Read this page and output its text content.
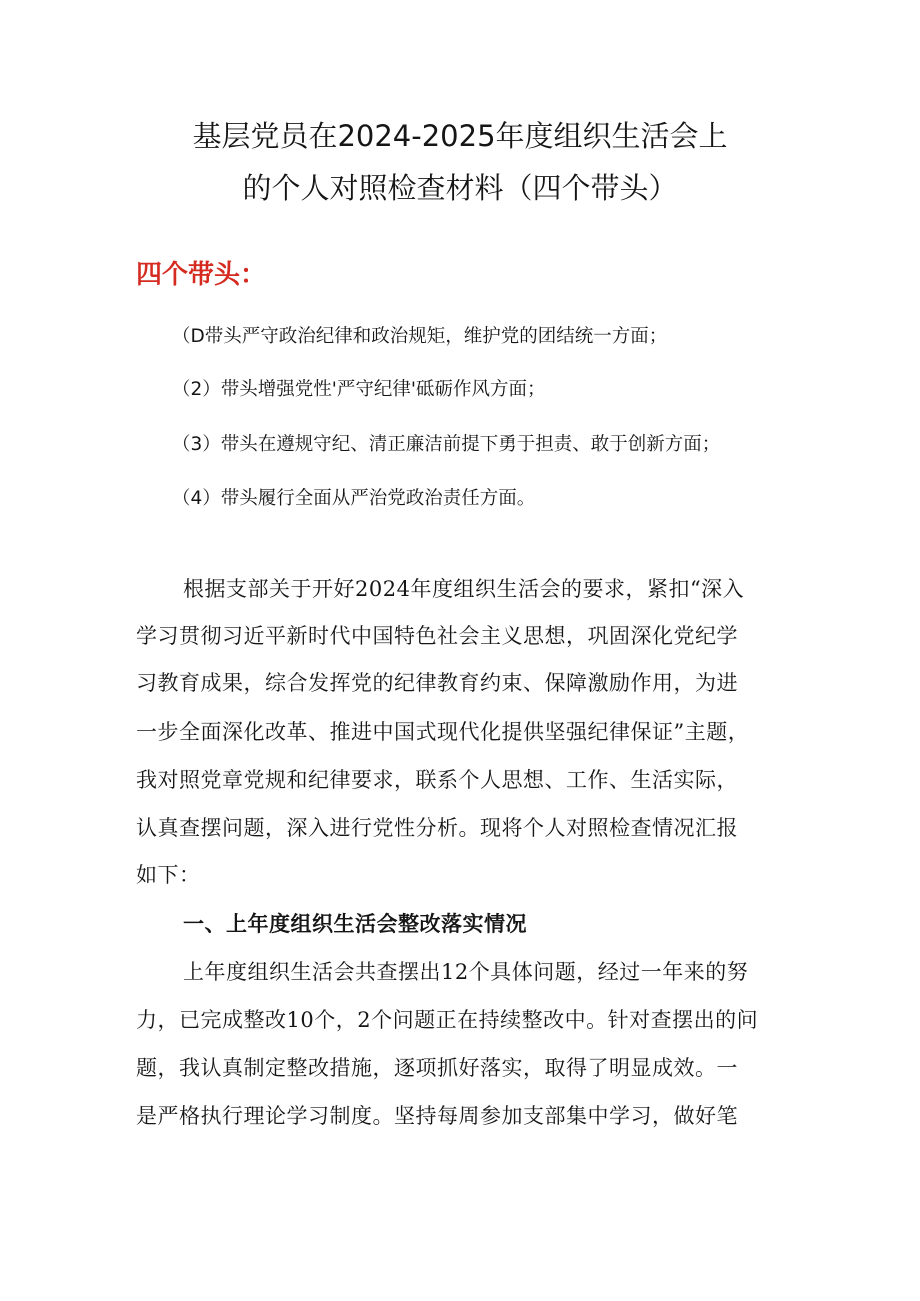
基层党员在2024-2025年度组织生活会上
的个人对照检查材料（四个带头）
四个带头：
（D带头严守政治纪律和政治规矩，维护党的团结统一方面；
（2）带头增强党性'严守纪律'砥砺作风方面；
（3）带头在遵规守纪、清正廉洁前提下勇于担责、敢于创新方面；
（4）带头履行全面从严治党政治责任方面。
根据支部关于开好2024年度组织生活会的要求，紧扣“深入
学习贯彻习近平新时代中国特色社会主义思想，巩固深化党纪学
习教育成果，综合发挥党的纪律教育约束、保障激励作用，为进
一步全面深化改革、推进中国式现代化提供坚强纪律保证”主题，
我对照党章党规和纪律要求，联系个人思想、工作、生活实际，
认真查摆问题，深入进行党性分析。现将个人对照检查情况汇报
如下：
一、上年度组织生活会整改落实情况
上年度组织生活会共查摆出12个具体问题，经过一年来的努
力，已完成整改10个，2个问题正在持续整改中。针对查摆出的问
题，我认真制定整改措施，逐项抓好落实，取得了明显成效。一
是严格执行理论学习制度。坚持每周参加支部集中学习，做好笔
